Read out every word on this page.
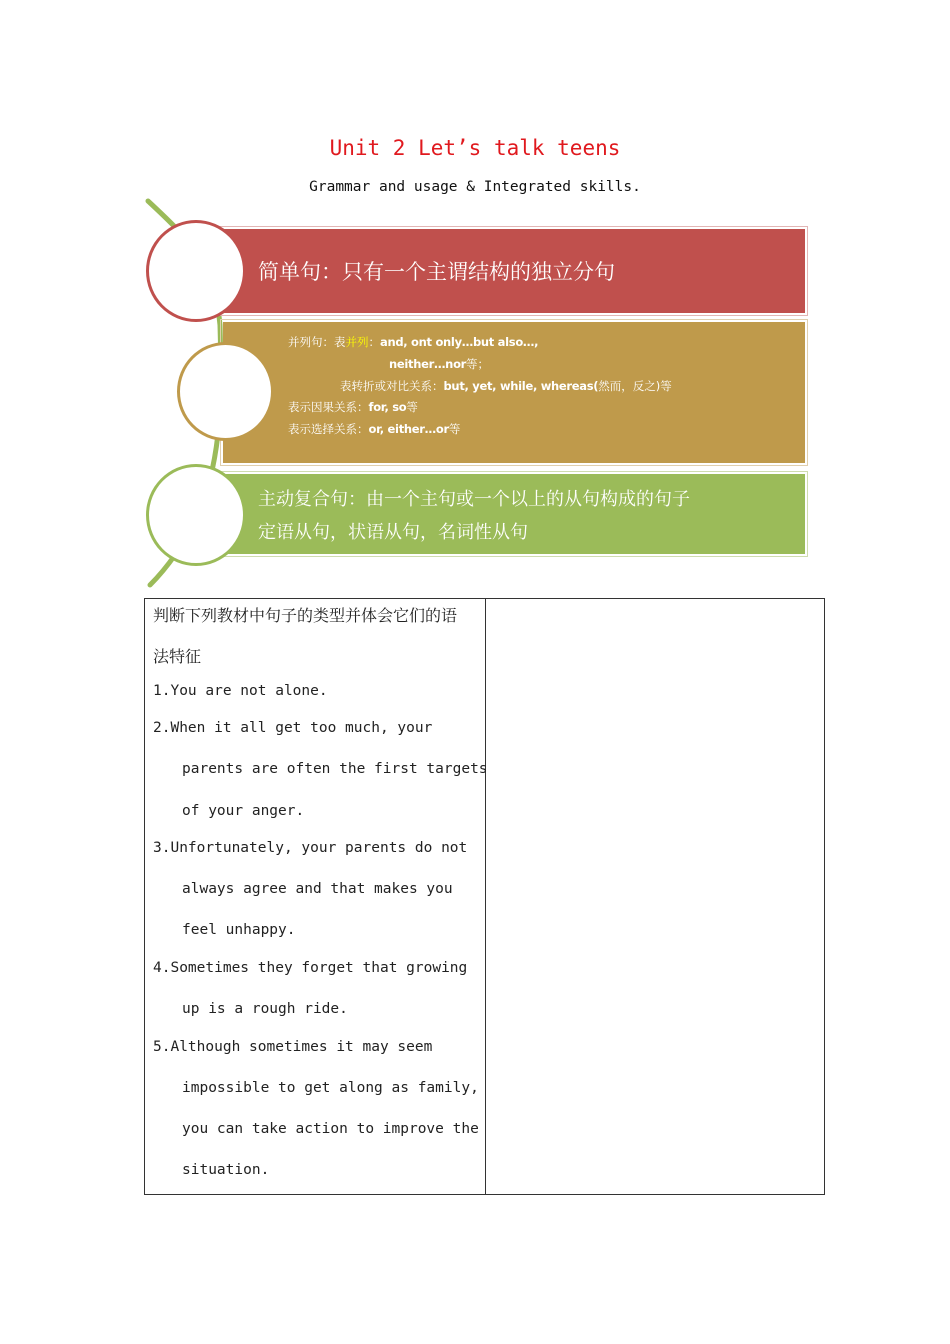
Unit 2 Let’s talk teens
Grammar and usage & Integrated skills.
简单句：只有一个主谓结构的独立分句
并列句：表并列：and, ont only…but also…,
neither…nor等；
表转折或对比关系：but, yet, while, whereas(然而，反之)等
表示因果关系：for, so等
表示选择关系：or, either…or等
主动复合句：由一个主句或一个以上的从句构成的句子
定语从句，状语从句，名词性从句

判断下列教材中句子的类型并体会它们的语

法特征

1.You are not alone.

2.When it all get too much, your

parents are often the first targets

of your anger.

3.Unfortunately, your parents do not

always agree and that makes you

feel unhappy.

4.Sometimes they forget that growing

up is a rough ride.

5.Although sometimes it may seem

impossible to get along as family,

you can take action to improve the

situation.
